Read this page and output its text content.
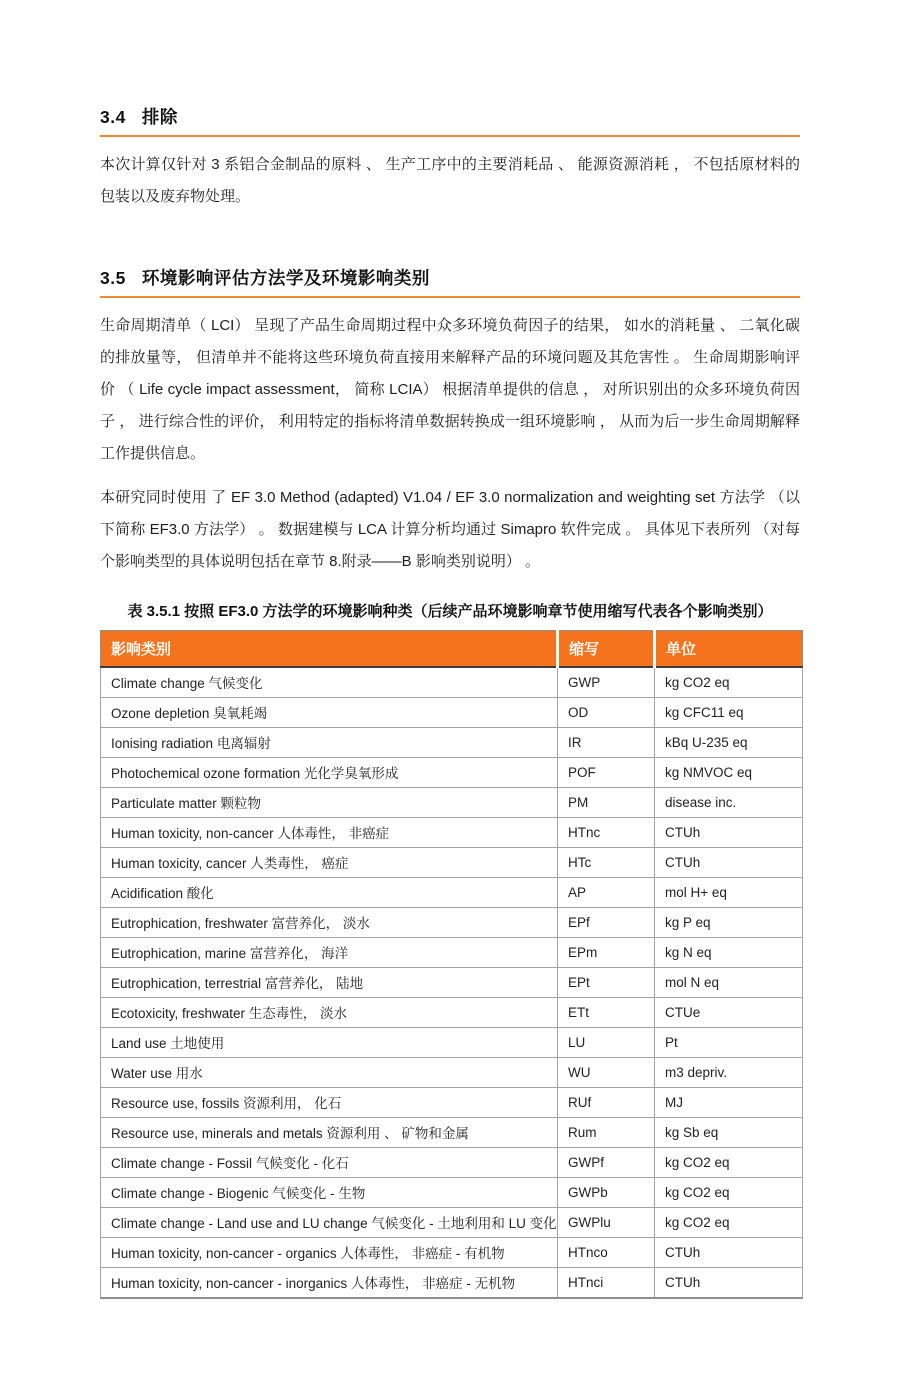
3.4 排除

本次计算仅针对 3 系铝合金制品的原料 、 生产工序中的主要消耗品 、 能源资源消耗 ， 不包括原材料的包装以及废弃物处理。

3.5 环境影响评估方法学及环境影响类别

生命周期清单（ LCI） 呈现了产品生命周期过程中众多环境负荷因子的结果， 如水的消耗量 、 二氧化碳的排放量等， 但清单并不能将这些环境负荷直接用来解释产品的环境问题及其危害性 。 生命周期影响评价 （ Life cycle impact assessment， 简称 LCIA） 根据清单提供的信息 ， 对所识别出的众多环境负荷因子 ， 进行综合性的评价， 利用特定的指标将清单数据转换成一组环境影响 ， 从而为后一步生命周期解释工作提供信息。

本研究同时使用 了 EF 3.0 Method (adapted) V1.04 / EF 3.0 normalization and weighting set 方法学 （以下简称 EF3.0 方法学） 。 数据建模与 LCA 计算分析均通过 Simapro 软件完成 。 具体见下表所列 （对每个影响类型的具体说明包括在章节 8.附录——B 影响类别说明） 。

表 3.5.1 按照 EF3.0 方法学的环境影响种类（后续产品环境影响章节使用缩写代表各个影响类别）
影响类别	缩写	单位
Climate change 气候变化	GWP	kg CO2 eq
Ozone depletion 臭氧耗竭	OD	kg CFC11 eq
Ionising radiation 电离辐射	IR	kBq U-235 eq
Photochemical ozone formation 光化学臭氧形成	POF	kg NMVOC eq
Particulate matter 颗粒物	PM	disease inc.
Human toxicity, non-cancer 人体毒性， 非癌症	HTnc	CTUh
Human toxicity, cancer 人类毒性， 癌症	HTc	CTUh
Acidification 酸化	AP	mol H+ eq
Eutrophication, freshwater 富营养化， 淡水	EPf	kg P eq
Eutrophication, marine 富营养化， 海洋	EPm	kg N eq
Eutrophication, terrestrial 富营养化， 陆地	EPt	mol N eq
Ecotoxicity, freshwater 生态毒性， 淡水	ETt	CTUe
Land use 土地使用	LU	Pt
Water use 用水	WU	m3 depriv.
Resource use, fossils 资源利用， 化石	RUf	MJ
Resource use, minerals and metals 资源利用 、 矿物和金属	Rum	kg Sb eq
Climate change - Fossil 气候变化 - 化石	GWPf	kg CO2 eq
Climate change - Biogenic 气候变化 - 生物	GWPb	kg CO2 eq
Climate change - Land use and LU change 气候变化 - 土地利用和 LU 变化	GWPlu	kg CO2 eq
Human toxicity, non-cancer - organics 人体毒性， 非癌症 - 有机物	HTnco	CTUh
Human toxicity, non-cancer - inorganics 人体毒性， 非癌症 - 无机物	HTnci	CTUh
